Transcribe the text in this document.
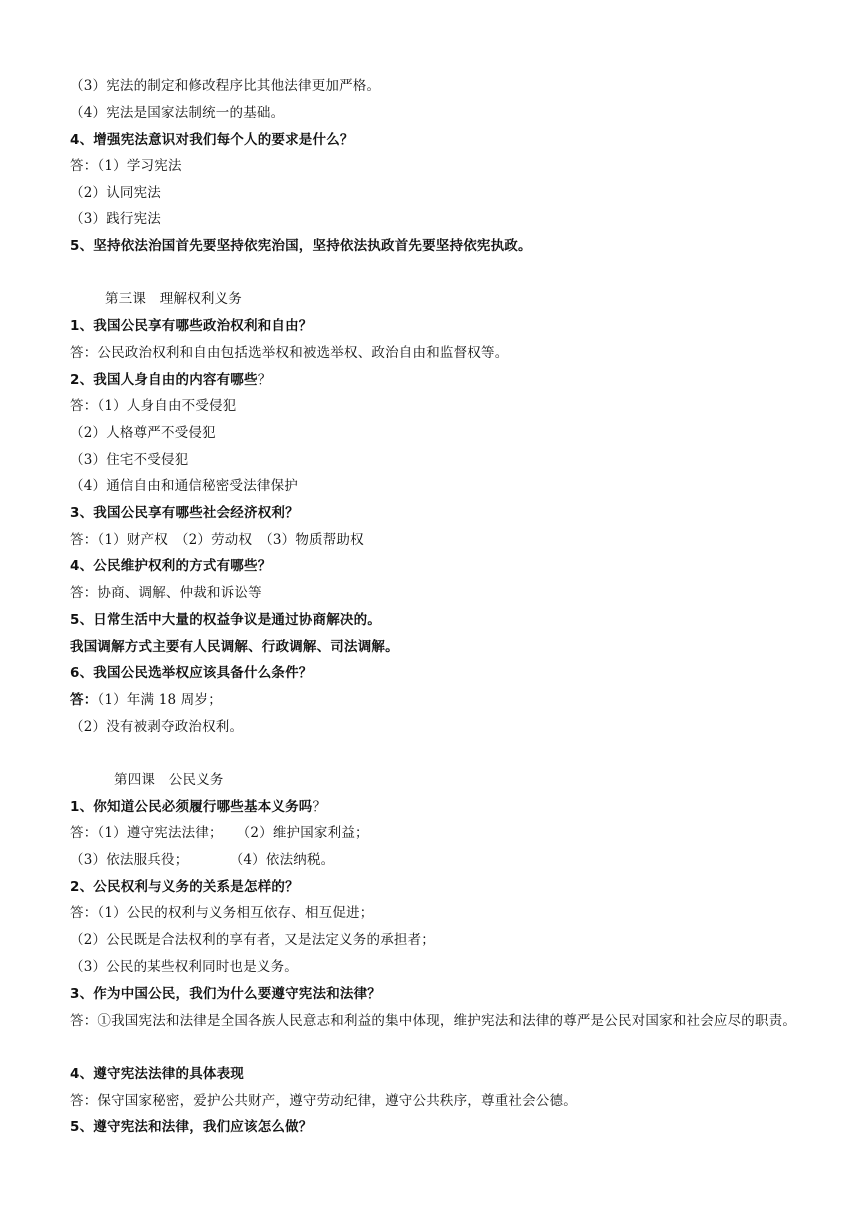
（3）宪法的制定和修改程序比其他法律更加严格。
（4）宪法是国家法制统一的基础。
4、增强宪法意识对我们每个人的要求是什么？
答：（1）学习宪法
（2）认同宪法
（3）践行宪法
5、坚持依法治国首先要坚持依宪治国，坚持依法执政首先要坚持依宪执政。
第三课　理解权利义务
1、我国公民享有哪些政治权利和自由？
答：公民政治权利和自由包括选举权和被选举权、政治自由和监督权等。
2、我国人身自由的内容有哪些？
答：（1）人身自由不受侵犯
（2）人格尊严不受侵犯
（3）住宅不受侵犯
（4）通信自由和通信秘密受法律保护
3、我国公民享有哪些社会经济权利？
答：（1）财产权　（2）劳动权　（3）物质帮助权
4、公民维护权利的方式有哪些？
答：协商、调解、仲裁和诉讼等
5、日常生活中大量的权益争议是通过协商解决的。
我国调解方式主要有人民调解、行政调解、司法调解。
6、我国公民选举权应该具备什么条件？
答：（1）年满 18 周岁；
（2）没有被剥夺政治权利。
第四课　公民义务
1、你知道公民必须履行哪些基本义务吗？
答：（1）遵守宪法法律；　　（2）维护国家利益；
（3）依法服兵役；　　　　（4）依法纳税。
2、公民权利与义务的关系是怎样的？
答：（1）公民的权利与义务相互依存、相互促进；
（2）公民既是合法权利的享有者，又是法定义务的承担者；
（3）公民的某些权利同时也是义务。
3、作为中国公民，我们为什么要遵守宪法和法律？
答：①我国宪法和法律是全国各族人民意志和利益的集中体现，维护宪法和法律的尊严是公民对国家和社会应尽的职责。
4、遵守宪法法律的具体表现
答：保守国家秘密，爱护公共财产，遵守劳动纪律，遵守公共秩序，尊重社会公德。
5、遵守宪法和法律，我们应该怎么做？
